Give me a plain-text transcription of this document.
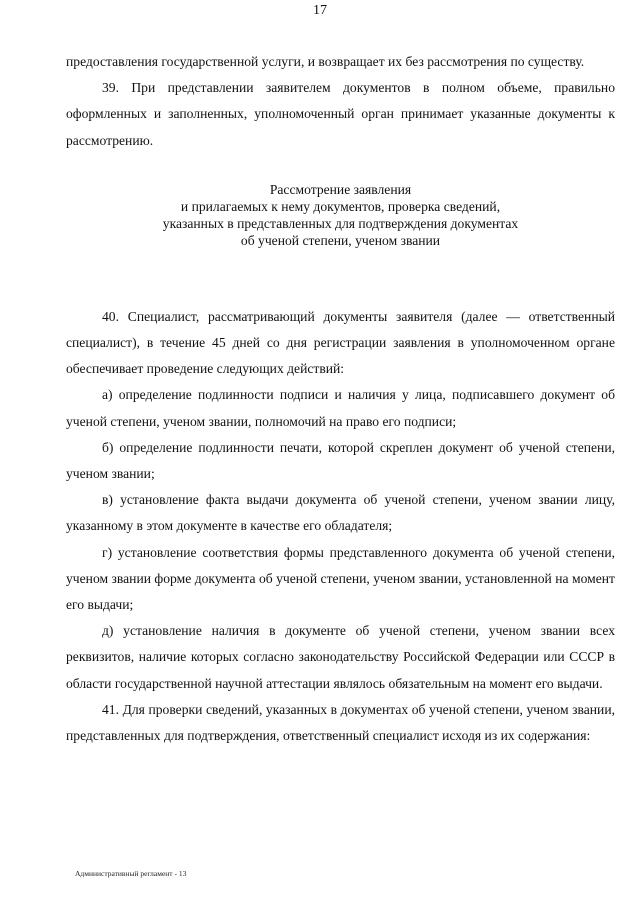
17

предоставления государственной услуги, и возвращает их без рассмотрения по существу.

39. При представлении заявителем документов в полном объеме, правильно оформленных и заполненных, уполномоченный орган принимает указанные документы к рассмотрению.

Рассмотрение заявления
и прилагаемых к нему документов, проверка сведений,
указанных в представленных для подтверждения документах
об ученой степени, ученом звании

40. Специалист, рассматривающий документы заявителя (далее — ответственный специалист), в течение 45 дней со дня регистрации заявления в уполномоченном органе обеспечивает проведение следующих действий:

а) определение подлинности подписи и наличия у лица, подписавшего документ об ученой степени, ученом звании, полномочий на право его подписи;

б) определение подлинности печати, которой скреплен документ об ученой степени, ученом звании;

в) установление факта выдачи документа об ученой степени, ученом звании лицу, указанному в этом документе в качестве его обладателя;

г) установление соответствия формы представленного документа об ученой степени, ученом звании форме документа об ученой степени, ученом звании, установленной на момент его выдачи;

д) установление наличия в документе об ученой степени, ученом звании всех реквизитов, наличие которых согласно законодательству Российской Федерации или СССР в области государственной научной аттестации являлось обязательным на момент его выдачи.

41. Для проверки сведений, указанных в документах об ученой степени, ученом звании, представленных для подтверждения, ответственный специалист исходя из их содержания:

Административный регламент - 13
